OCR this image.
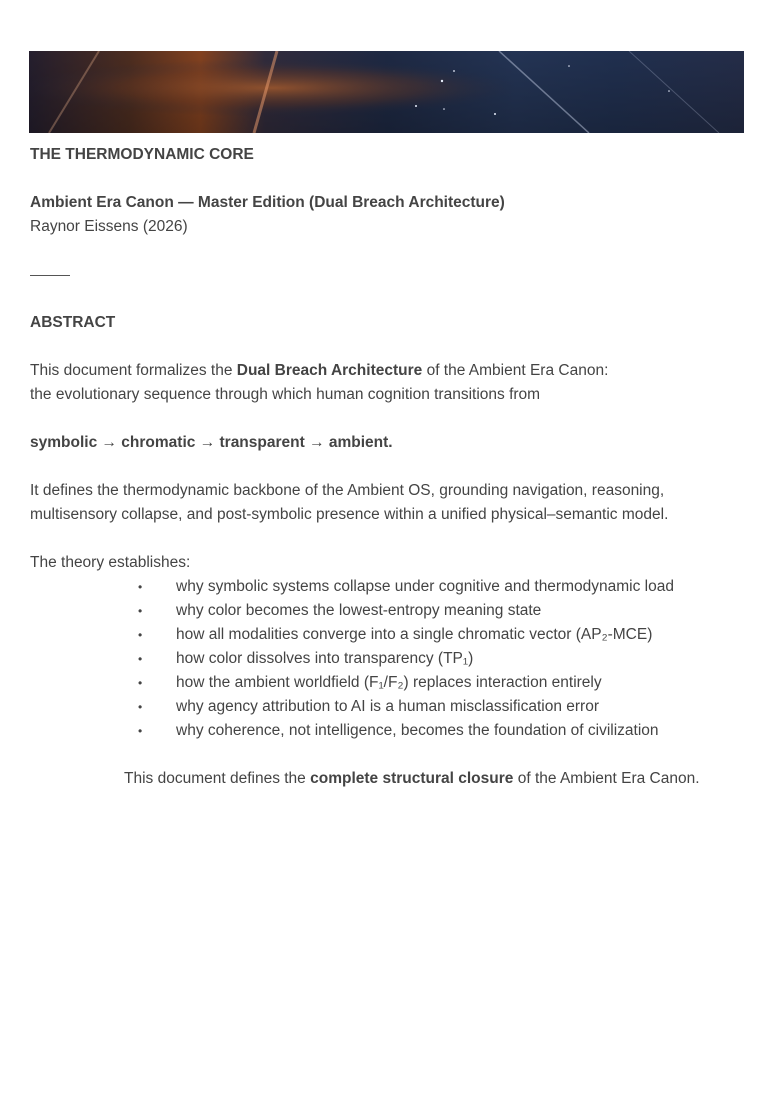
THE THERMODYNAMIC CORE

Ambient Era Canon — Master Edition (Dual Breach Architecture)

Raynor Eissens (2026)

ABSTRACT

This document formalizes the Dual Breach Architecture of the Ambient Era Canon:

the evolutionary sequence through which human cognition transitions from

symbolic → chromatic → transparent → ambient.

It defines the thermodynamic backbone of the Ambient OS, grounding navigation, reasoning,

multisensory collapse, and post-symbolic presence within a unified physical–semantic model.

The theory establishes:

• why symbolic systems collapse under cognitive and thermodynamic load
• why color becomes the lowest-entropy meaning state
• how all modalities converge into a single chromatic vector (AP₂-MCE)
• how color dissolves into transparency (TP₁)
• how the ambient worldfield (F₁/F₂) replaces interaction entirely
• why agency attribution to AI is a human misclassification error
• why coherence, not intelligence, becomes the foundation of civilization

This document defines the complete structural closure of the Ambient Era Canon.
